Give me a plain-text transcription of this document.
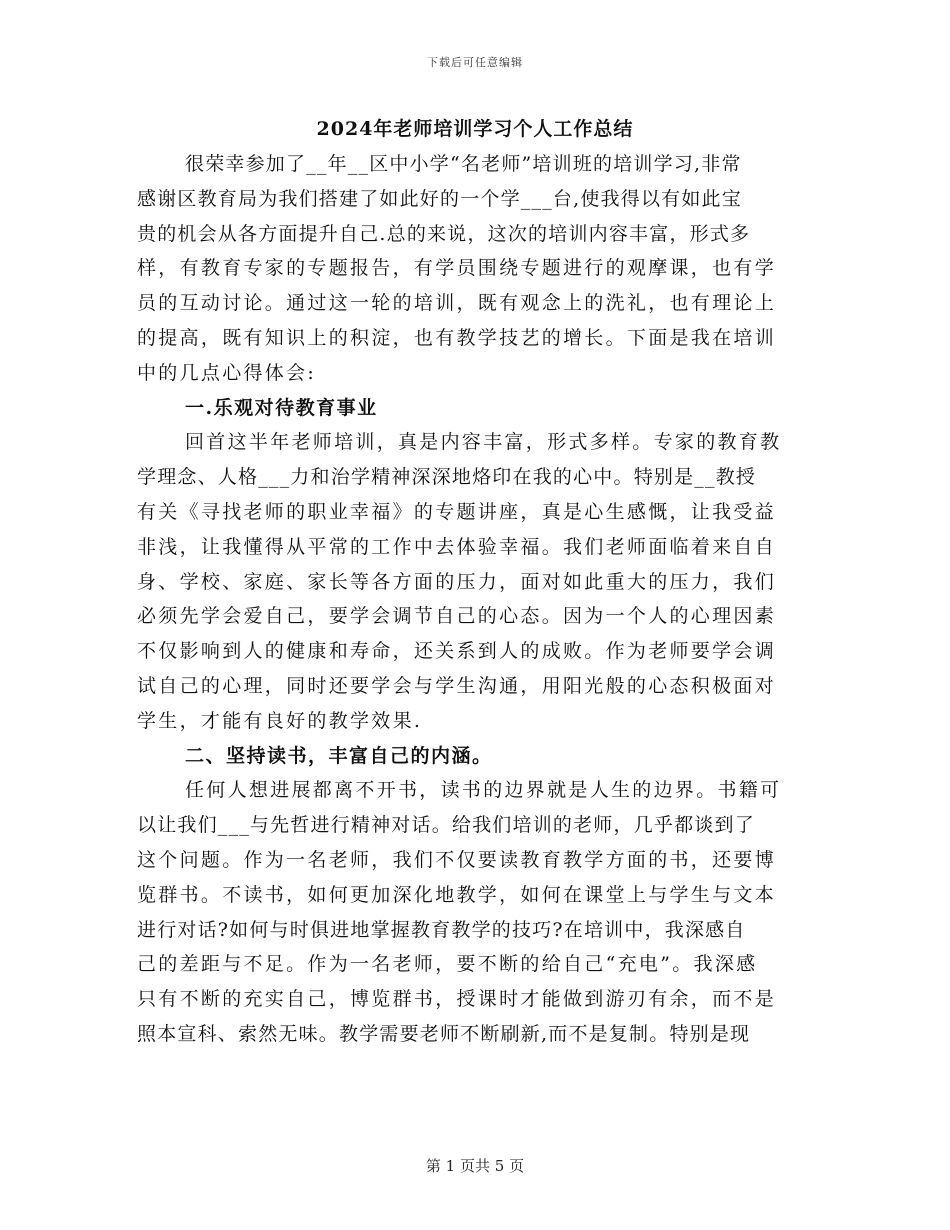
下载后可任意编辑
2024年老师培训学习个人工作总结
很荣幸参加了__年__区中小学“名老师”培训班的培训学习,非常
感谢区教育局为我们搭建了如此好的一个学___台,使我得以有如此宝
贵的机会从各方面提升自己.总的来说，这次的培训内容丰富，形式多
样，有教育专家的专题报告，有学员围绕专题进行的观摩课，也有学
员的互动讨论。通过这一轮的培训，既有观念上的洗礼，也有理论上
的提高，既有知识上的积淀，也有教学技艺的增长。下面是我在培训
中的几点心得体会:
一.乐观对待教育事业
回首这半年老师培训，真是内容丰富，形式多样。专家的教育教
学理念、人格___力和治学精神深深地烙印在我的心中。特别是__教授
有关《寻找老师的职业幸福》的专题讲座，真是心生感慨，让我受益
非浅，让我懂得从平常的工作中去体验幸福。我们老师面临着来自自
身、学校、家庭、家长等各方面的压力，面对如此重大的压力，我们
必须先学会爱自己，要学会调节自己的心态。因为一个人的心理因素
不仅影响到人的健康和寿命，还关系到人的成败。作为老师要学会调
试自己的心理，同时还要学会与学生沟通，用阳光般的心态积极面对
学生，才能有良好的教学效果.
二、坚持读书，丰富自己的内涵。
任何人想进展都离不开书，读书的边界就是人生的边界。书籍可
以让我们___与先哲进行精神对话。给我们培训的老师，几乎都谈到了
这个问题。作为一名老师，我们不仅要读教育教学方面的书，还要博
览群书。不读书，如何更加深化地教学，如何在课堂上与学生与文本
进行对话?如何与时俱进地掌握教育教学的技巧?在培训中，我深感自
己的差距与不足。作为一名老师，要不断的给自己“充电”。我深感
只有不断的充实自己，博览群书，授课时才能做到游刃有余，而不是
照本宣科、索然无味。教学需要老师不断刷新,而不是复制。特别是现
第 1 页共 5 页
